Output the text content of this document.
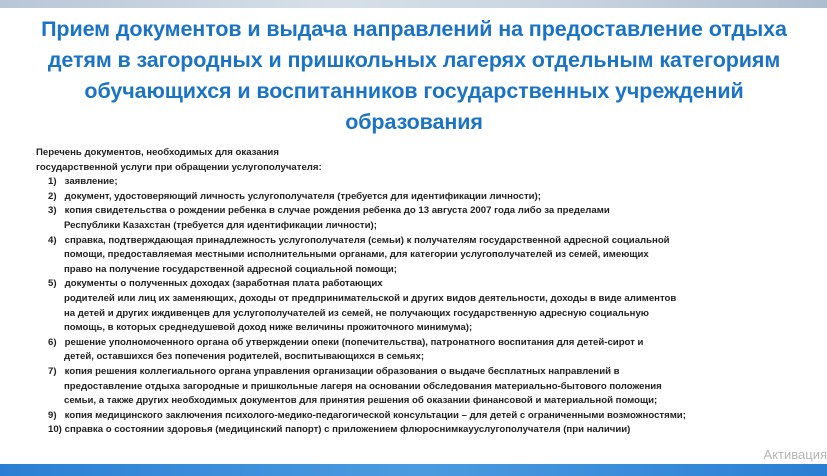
Прием документов и выдача направлений на предоставление отдыха детям в загородных и пришкольных лагерях отдельным категориям обучающихся и воспитанников государственных учреждений образования

Перечень документов, необходимых для оказания
государственной услуги при обращении услугополучателя:

1) заявление;
2) документ, удостоверяющий личность услугополучателя (требуется для идентификации личности);
3) копия свидетельства о рождении ребенка в случае рождения ребенка до 13 августа 2007 года либо за пределами
Республики Казахстан (требуется для идентификации личности);
4) справка, подтверждающая принадлежность услугополучателя (семьи) к получателям государственной адресной социальной
помощи, предоставляемая местными исполнительными органами, для категории услугополучателей из семей, имеющих
право на получение государственной адресной социальной помощи;
5) документы о полученных доходах (заработная плата работающих
родителей или лиц их заменяющих, доходы от предпринимательской и других видов деятельности, доходы в виде алиментов
на детей и других иждивенцев для услугополучателей из семей, не получающих государственную адресную социальную
помощь, в которых среднедушевой доход ниже величины прожиточного минимума);
6) решение уполномоченного органа об утверждении опеки (попечительства), патронатного воспитания для детей-сирот и
детей, оставшихся без попечения родителей, воспитывающихся в семьях;
7) копия решения коллегиального органа управления организации образования о выдаче бесплатных направлений в
предоставление отдыха загородные и пришкольные лагеря на основании обследования материально-бытового положения
семьи, а также других необходимых документов для принятия решения об оказании финансовой и материальной помощи;
9) копия медицинского заключения психолого-медико-педагогической консультации – для детей с ограниченными возможностями;
10) справка о состоянии здоровья (медицинский папорт) с приложением флюроснимкаууслугополучателя (при наличии)
Активация
